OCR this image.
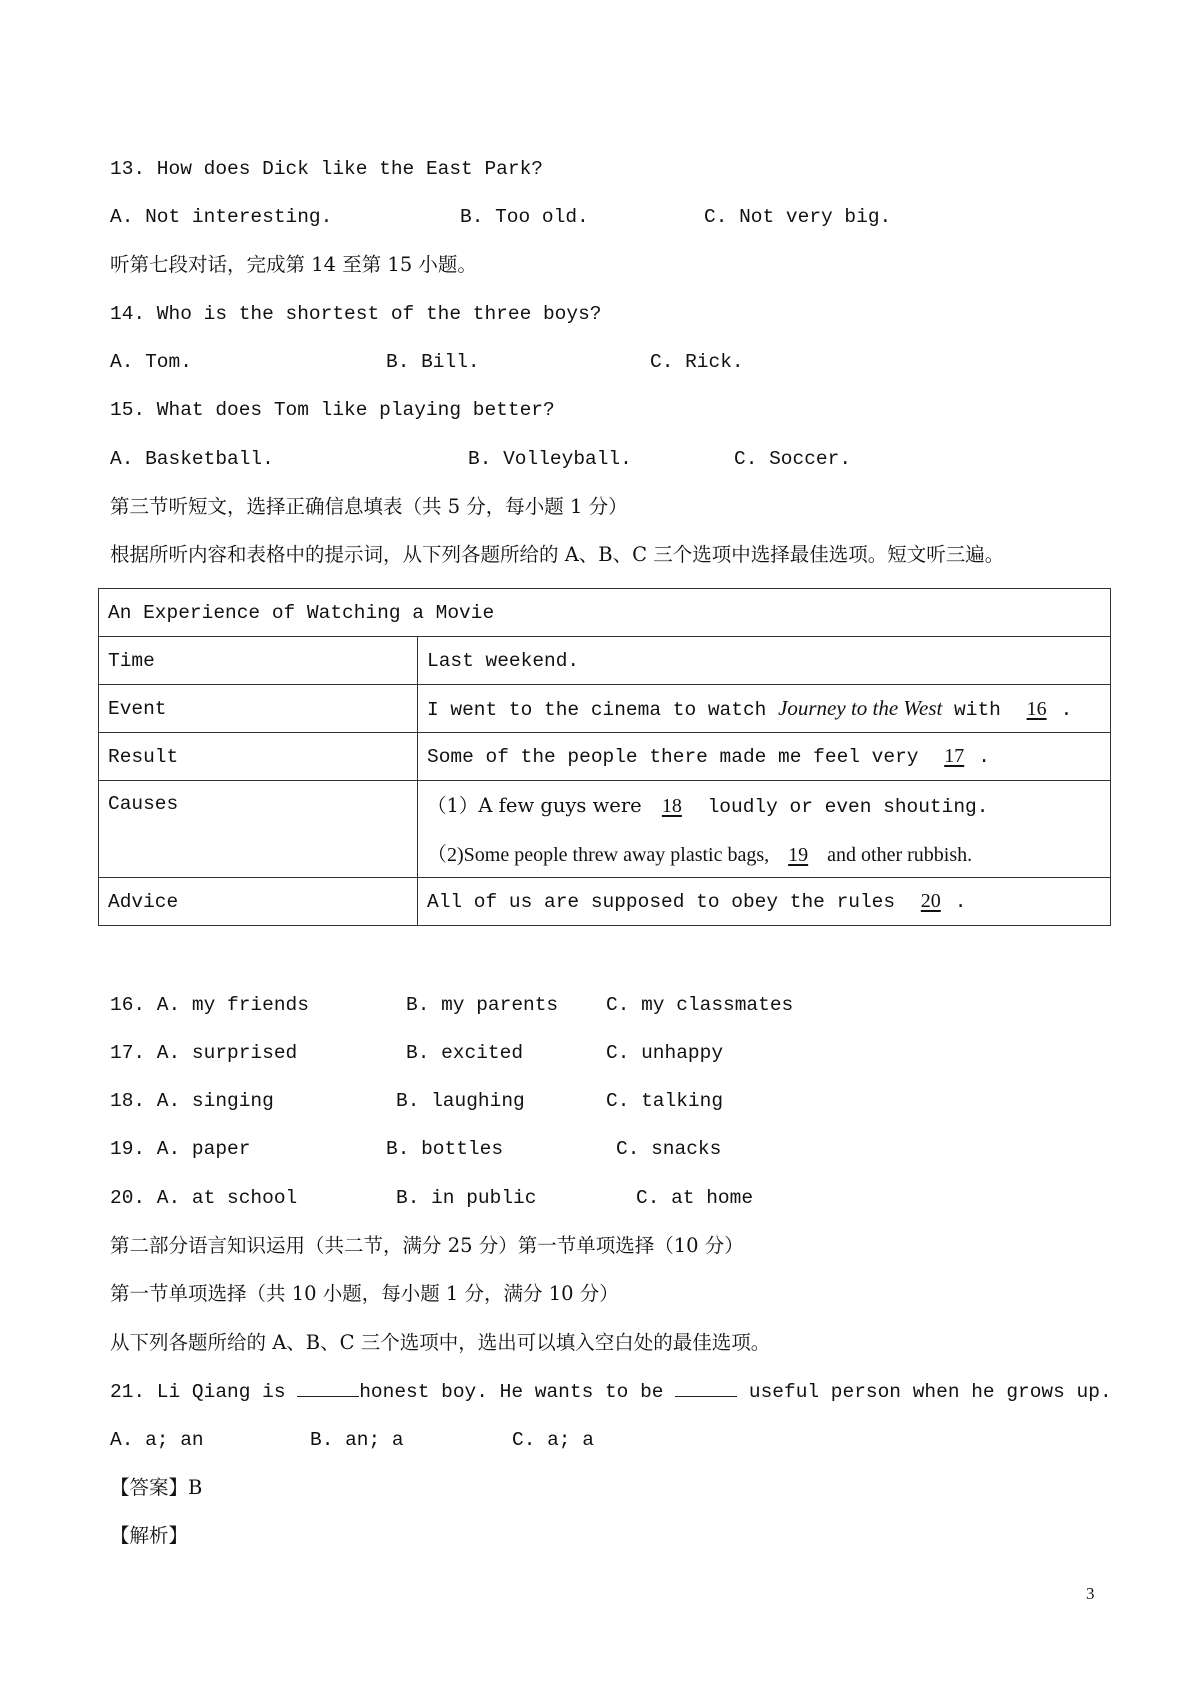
13. How does Dick like the East Park?
A. Not interesting.	B. Too old.	C. Not very big.
听第七段对话，完成第 14 至第 15 小题。
14. Who is the shortest of the three boys?
A. Tom.	B. Bill.	C. Rick.
15. What does Tom like playing better?
A. Basketball.	B. Volleyball.	C. Soccer.
第三节听短文，选择正确信息填表（共 5 分，每小题 1 分）
根据所听内容和表格中的提示词，从下列各题所给的 A、B、C 三个选项中选择最佳选项。短文听三遍。
An Experience of Watching a Movie	
Time	Last weekend.
Event	I went to the cinema to watch Journey to the West with 16 .
Result	Some of the people there made me feel very 17 .
Causes	（1）A few guys were 18 loudly or even shouting.
（2)Some people threw away plastic bags, 19 and other rubbish.

Advice	All of us are supposed to obey the rules 20 .
16. A. my friends	B. my parents C. my classmates
17. A. surprised	B. excited	C. unhappy
18. A. singing	B. laughing	C. talking
19. A. paper	B. bottles	C. snacks
20. A. at school	B. in public	C. at home
第二部分语言知识运用（共二节，满分 25 分）第一节单项选择（10 分）
第一节单项选择（共 10 小题，每小题 1 分，满分 10 分）
从下列各题所给的 A、B、C 三个选项中，选出可以填入空白处的最佳选项。
21. Li Qiang is	honest boy. He wants to be	useful person when he grows up.
A. a; an	B. an; a	C. a; a
【答案】B
【解析】
3
